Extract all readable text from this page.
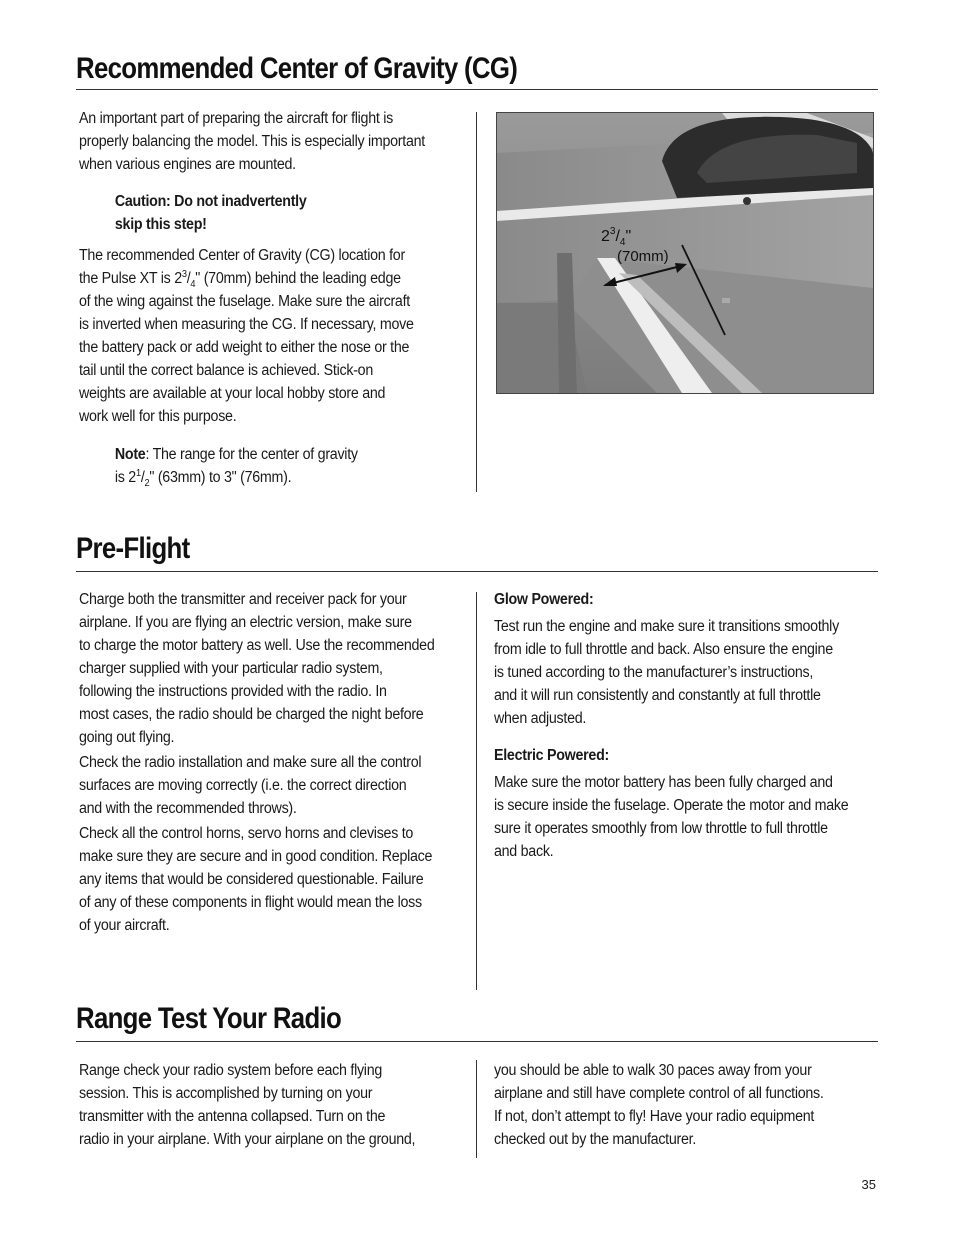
Recommended Center of Gravity (CG)

An important part of preparing the aircraft for flight is

properly balancing the model. This is especially important

when various engines are mounted.

Caution: Do not inadvertently

skip this step!

The recommended Center of Gravity (CG) location for

the Pulse XT is $2^3/_4$" (70mm) behind the leading edge

of the wing against the fuselage. Make sure the aircraft

is inverted when measuring the CG. If necessary, move

the battery pack or add weight to either the nose or the

tail until the correct balance is achieved. Stick-on

weights are available at your local hobby store and

work well for this purpose.

Note: The range for the center of gravity

is $2^1/_2$" (63mm) to 3" (76mm).

$2^3/_4$"
(70mm)
Pre-Flight

Charge both the transmitter and receiver pack for your

airplane. If you are flying an electric version, make sure

to charge the motor battery as well. Use the recommended

charger supplied with your particular radio system,

following the instructions provided with the radio. In

most cases, the radio should be charged the night before

going out flying.

Check the radio installation and make sure all the control

surfaces are moving correctly (i.e. the correct direction

and with the recommended throws).

Check all the control horns, servo horns and clevises to

make sure they are secure and in good condition. Replace

any items that would be considered questionable. Failure

of any of these components in flight would mean the loss

of your aircraft.

Glow Powered:

Test run the engine and make sure it transitions smoothly

from idle to full throttle and back. Also ensure the engine

is tuned according to the manufacturer’s instructions,

and it will run consistently and constantly at full throttle

when adjusted.

Electric Powered:

Make sure the motor battery has been fully charged and

is secure inside the fuselage. Operate the motor and make

sure it operates smoothly from low throttle to full throttle

and back.

Range Test Your Radio

Range check your radio system before each flying

session. This is accomplished by turning on your

transmitter with the antenna collapsed. Turn on the

radio in your airplane. With your airplane on the ground,

you should be able to walk 30 paces away from your

airplane and still have complete control of all functions.

If not, don’t attempt to fly! Have your radio equipment

checked out by the manufacturer.

35
